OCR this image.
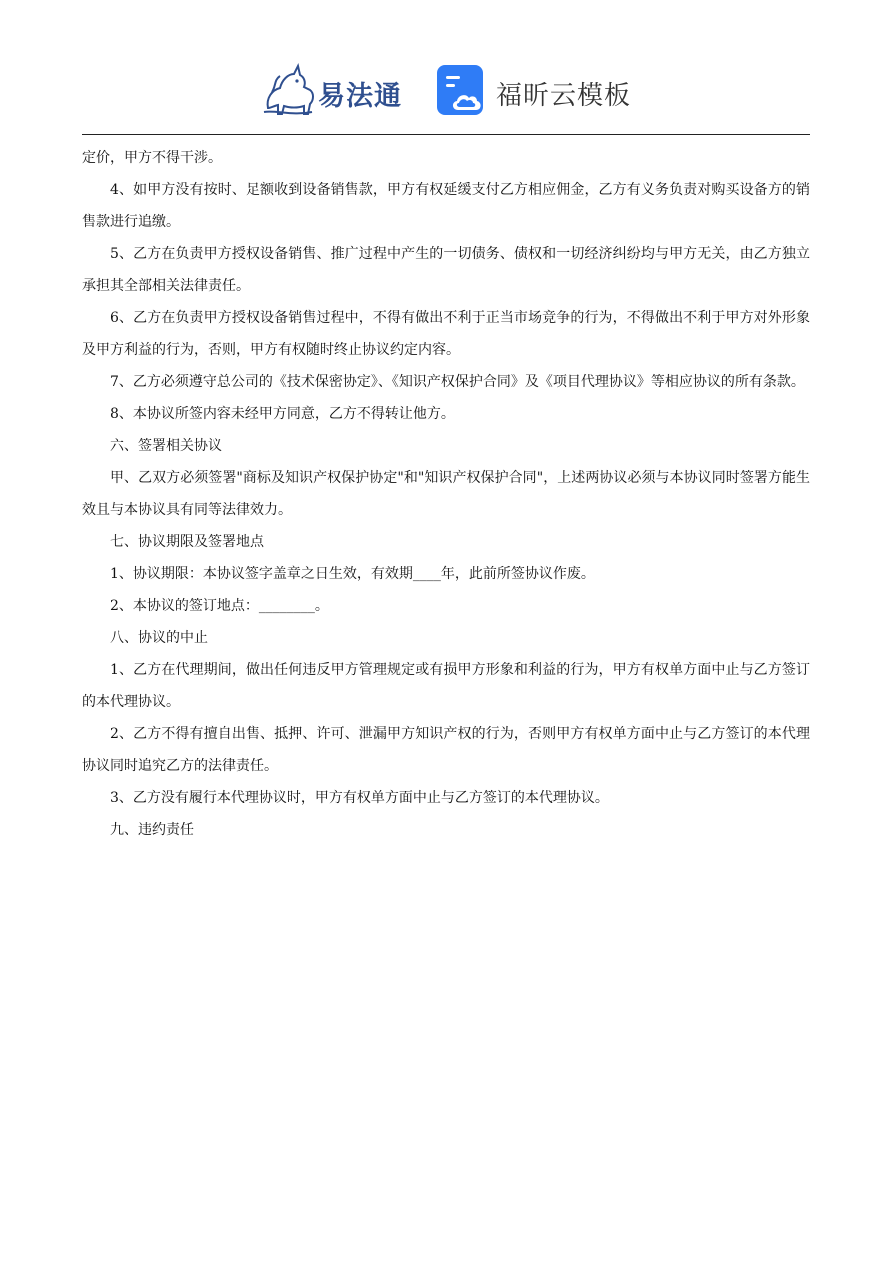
易法通	福昕云模板

定价，甲方不得干涉。

4、如甲方没有按时、足额收到设备销售款，甲方有权延缓支付乙方相应佣金，乙方有义务负责对购买设备方的销售款进行追缴。

5、乙方在负责甲方授权设备销售、推广过程中产生的一切债务、债权和一切经济纠纷均与甲方无关，由乙方独立承担其全部相关法律责任。

6、乙方在负责甲方授权设备销售过程中，不得有做出不利于正当市场竞争的行为，不得做出不利于甲方对外形象及甲方利益的行为，否则，甲方有权随时终止协议约定内容。

7、乙方必须遵守总公司的《技术保密协定》、《知识产权保护合同》及《项目代理协议》等相应协议的所有条款。

8、本协议所签内容未经甲方同意，乙方不得转让他方。

六、签署相关协议

甲、乙双方必须签署"商标及知识产权保护协定"和"知识产权保护合同"，上述两协议必须与本协议同时签署方能生效且与本协议具有同等法律效力。

七、协议期限及签署地点

1、协议期限：本协议签字盖章之日生效，有效期____年，此前所签协议作废。

2、本协议的签订地点：________。

八、协议的中止

1、乙方在代理期间，做出任何违反甲方管理规定或有损甲方形象和利益的行为，甲方有权单方面中止与乙方签订的本代理协议。

2、乙方不得有擅自出售、抵押、许可、泄漏甲方知识产权的行为，否则甲方有权单方面中止与乙方签订的本代理协议同时追究乙方的法律责任。

3、乙方没有履行本代理协议时，甲方有权单方面中止与乙方签订的本代理协议。

九、违约责任
